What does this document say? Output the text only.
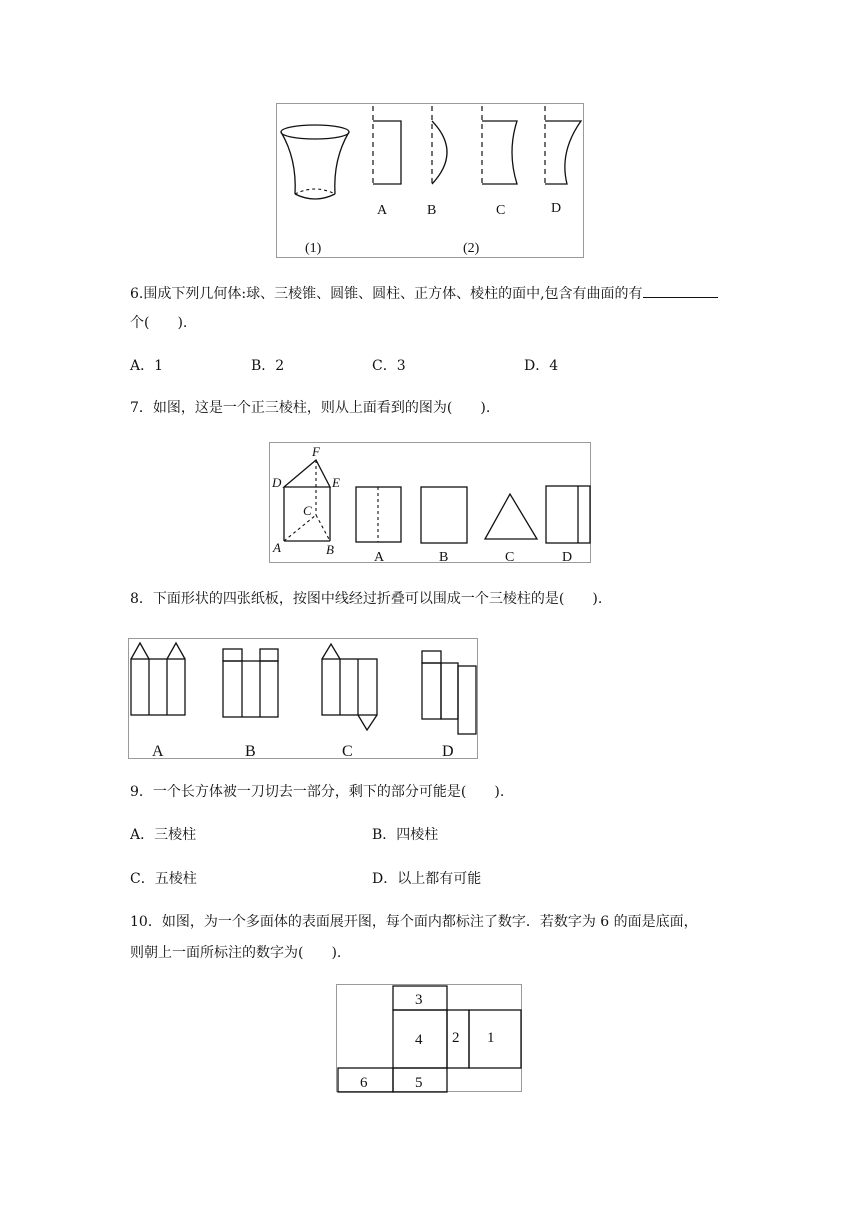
A	B	C	D
(1)	(2)
6.围成下列几何体:球、三棱锥、圆锥、圆柱、正方体、棱柱的面中,包含有曲面的有
个(　　).
A．1	B．2	C．3	D．4
7．如图，这是一个正三棱柱，则从上面看到的图为(　　).
F
D	E
C
A	B
A	B	C	D
8．下面形状的四张纸板，按图中线经过折叠可以围成一个三棱柱的是(　　).
A	B	C	D
9．一个长方体被一刀切去一部分，剩下的部分可能是(　　).
A．三棱柱	B．四棱柱
C．五棱柱	D．以上都有可能
10．如图，为一个多面体的表面展开图，每个面内都标注了数字．若数字为 6 的面是底面，
则朝上一面所标注的数字为(　　).
3
4 2 1
6	5
